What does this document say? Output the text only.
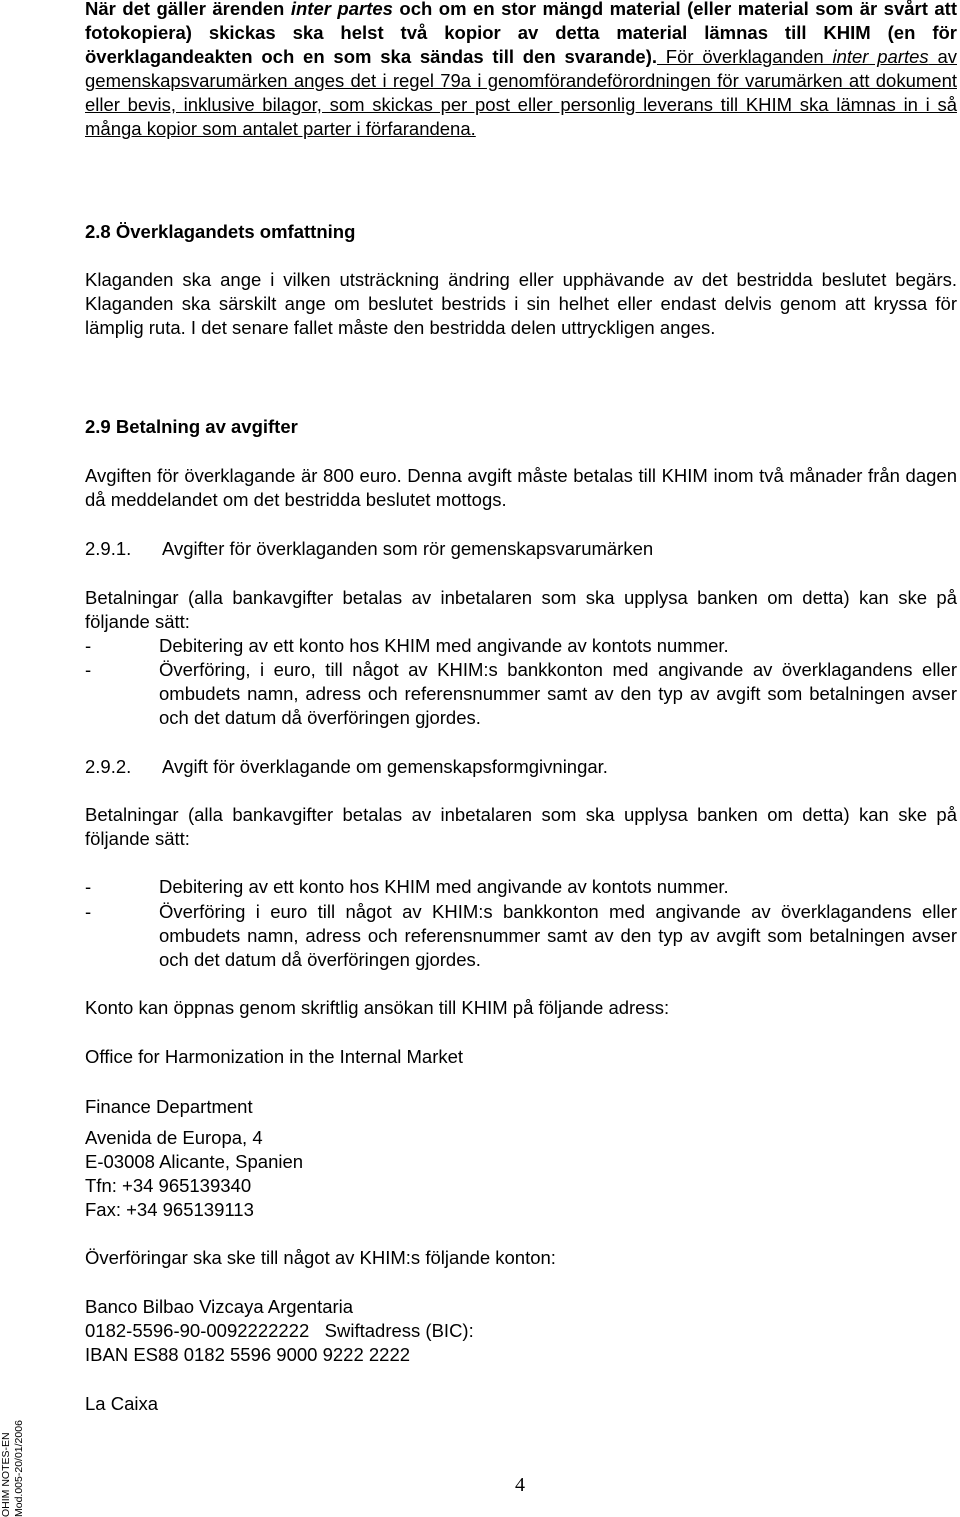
När det gäller ärenden inter partes och om en stor mängd material (eller material som är svårt att fotokopiera) skickas ska helst två kopior av detta material lämnas till KHIM (en för överklagandeakten och en som ska sändas till den svarande). För överklaganden inter partes av gemenskapsvarumärken anges det i regel 79a i genomförandeförordningen för varumärken att dokument eller bevis, inklusive bilagor, som skickas per post eller personlig leverans till KHIM ska lämnas in i så många kopior som antalet parter i förfarandena.

2.8 Överklagandets omfattning

Klaganden ska ange i vilken utsträckning ändring eller upphävande av det bestridda beslutet begärs. Klaganden ska särskilt ange om beslutet bestrids i sin helhet eller endast delvis genom att kryssa för lämplig ruta. I det senare fallet måste den bestridda delen uttryckligen anges.

2.9 Betalning av avgifter

Avgiften för överklagande är 800 euro. Denna avgift måste betalas till KHIM inom två månader från dagen då meddelandet om det bestridda beslutet mottogs.

2.9.1.	Avgifter för överklaganden som rör gemenskapsvarumärken

Betalningar (alla bankavgifter betalas av inbetalaren som ska upplysa banken om detta) kan ske på följande sätt:

-	Debitering av ett konto hos KHIM med angivande av kontots nummer.
-	Överföring, i euro, till något av KHIM:s bankkonton med angivande av överklagandens eller ombudets namn, adress och referensnummer samt av den typ av avgift som betalningen avser och det datum då överföringen gjordes.
2.9.2.	Avgift för överklagande om gemenskapsformgivningar.

Betalningar (alla bankavgifter betalas av inbetalaren som ska upplysa banken om detta) kan ske på följande sätt:

-	Debitering av ett konto hos KHIM med angivande av kontots nummer.
-	Överföring i euro till något av KHIM:s bankkonton med angivande av överklagandens eller ombudets namn, adress och referensnummer samt av den typ av avgift som betalningen avser och det datum då överföringen gjordes.

Konto kan öppnas genom skriftlig ansökan till KHIM på följande adress:

Office for Harmonization in the Internal Market

Finance Department

Avenida de Europa, 4

E-03008 Alicante, Spanien

Tfn: +34 965139340

Fax: +34 965139113

Överföringar ska ske till något av KHIM:s följande konton:

Banco Bilbao Vizcaya Argentaria

0182-5596-90-0092222222   Swiftadress (BIC):

IBAN ES88 0182 5596 9000 9222 2222

La Caixa

OHIM NOTES-EN Mod.005-20/01/2006	4
